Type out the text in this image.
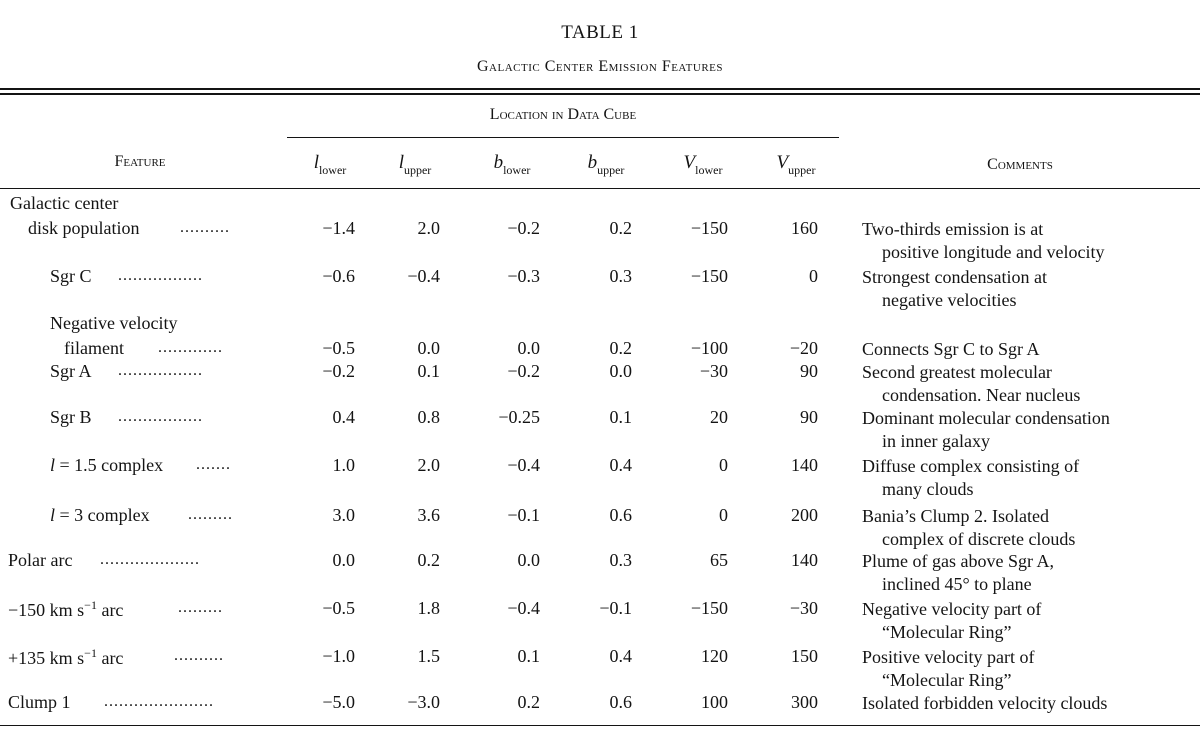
TABLE 1
Galactic Center Emission Features
Location in Data Cube
Feature	Comments
$l_{lower}$	$l_{upper}$	$b_{lower}$	$b_{upper}$	$V_{lower}$	$V_{upper}$
Galactic center
disk population	..........	−1.4	2.0	−0.2	0.2	−150	160 Two-thirds emission is at
positive longitude and velocity
Sgr C .................	−0.6	−0.4	−0.3	0.3	−150	0 Strongest condensation at
negative velocities
Negative velocity
filament .............	−0.5	0.0	0.0	0.2	−100	−20 Connects Sgr C to Sgr A
Sgr A .................	−0.2	0.1	−0.2	0.0	−30	90 Second greatest molecular
condensation. Near nucleus
Sgr B .................	0.4	0.8	−0.25	0.1	20	90 Dominant molecular condensation
in inner galaxy
l = 1.5 complex .......	1.0	2.0	−0.4	0.4	0	140 Diffuse complex consisting of
many clouds
l = 3 complex .........	3.0	3.6	−0.1	0.6	0	200 Bania’s Clump 2. Isolated
complex of discrete clouds
Polar arc ....................	0.0	0.2	0.0	0.3	65	140 Plume of gas above Sgr A,
inclined 45° to plane
−150 km $s^{-1}$ arc	.........	−0.5	1.8	−0.4	−0.1	−150	−30 Negative velocity part of
“Molecular Ring”
+135 km $s^{-1}$ arc	..........	−1.0	1.5	0.1	0.4	120	150 Positive velocity part of
“Molecular Ring”
Clump 1 ......................	−5.0	−3.0	0.2	0.6	100	300 Isolated forbidden velocity clouds
